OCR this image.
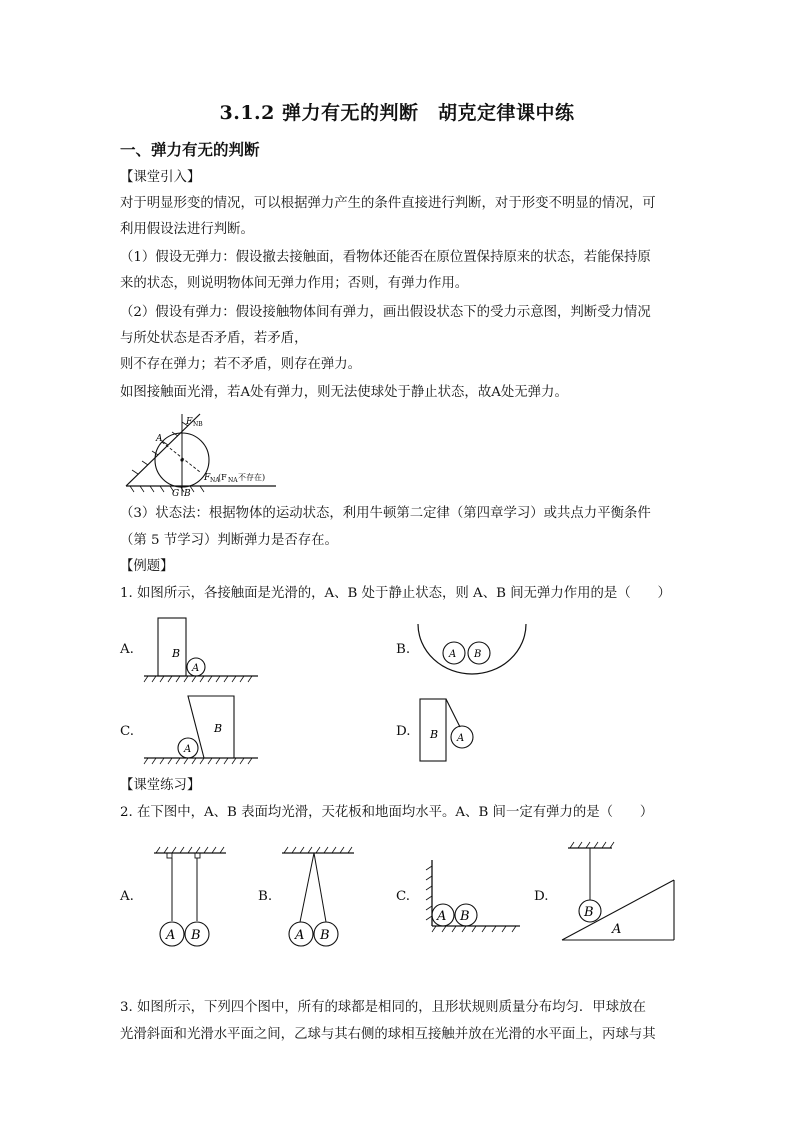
3.1.2 弹力有无的判断　胡克定律课中练
一、弹力有无的判断
【课堂引入】
对于明显形变的情况，可以根据弹力产生的条件直接进行判断，对于形变不明显的情况，可
利用假设法进行判断。
（1）假设无弹力：假设撤去接触面，看物体还能否在原位置保持原来的状态，若能保持原
来的状态，则说明物体间无弹力作用；否则，有弹力作用。
（2）假设有弹力：假设接触物体间有弹力，画出假设状态下的受力示意图，判断受力情况
与所处状态是否矛盾，若矛盾，
则不存在弹力；若不矛盾，则存在弹力。
如图接触面光滑，若A处有弹力，则无法使球处于静止状态，故A处无弹力。
F NB
A
F NA
(F NA 不存在)
G B
（3）状态法：根据物体的运动状态，利用牛顿第二定律（第四章学习）或共点力平衡条件
（第 5 节学习）判断弹力是否存在。
【例题】
1. 如图所示，各接触面是光滑的，A、B 处于静止状态，则 A、B 间无弹力作用的是（　　）
A.	B
A
B.	A B
C.	B
A
D. B A
【课堂练习】
2. 在下图中，A、B 表面均光滑，天花板和地面均水平。A、B 间一定有弹力的是（　　）
A.
A B
B.
A B
C.
A B
D.
B
A
3. 如图所示，下列四个图中，所有的球都是相同的，且形状规则质量分布均匀．甲球放在
光滑斜面和光滑水平面之间，乙球与其右侧的球相互接触并放在光滑的水平面上，丙球与其
